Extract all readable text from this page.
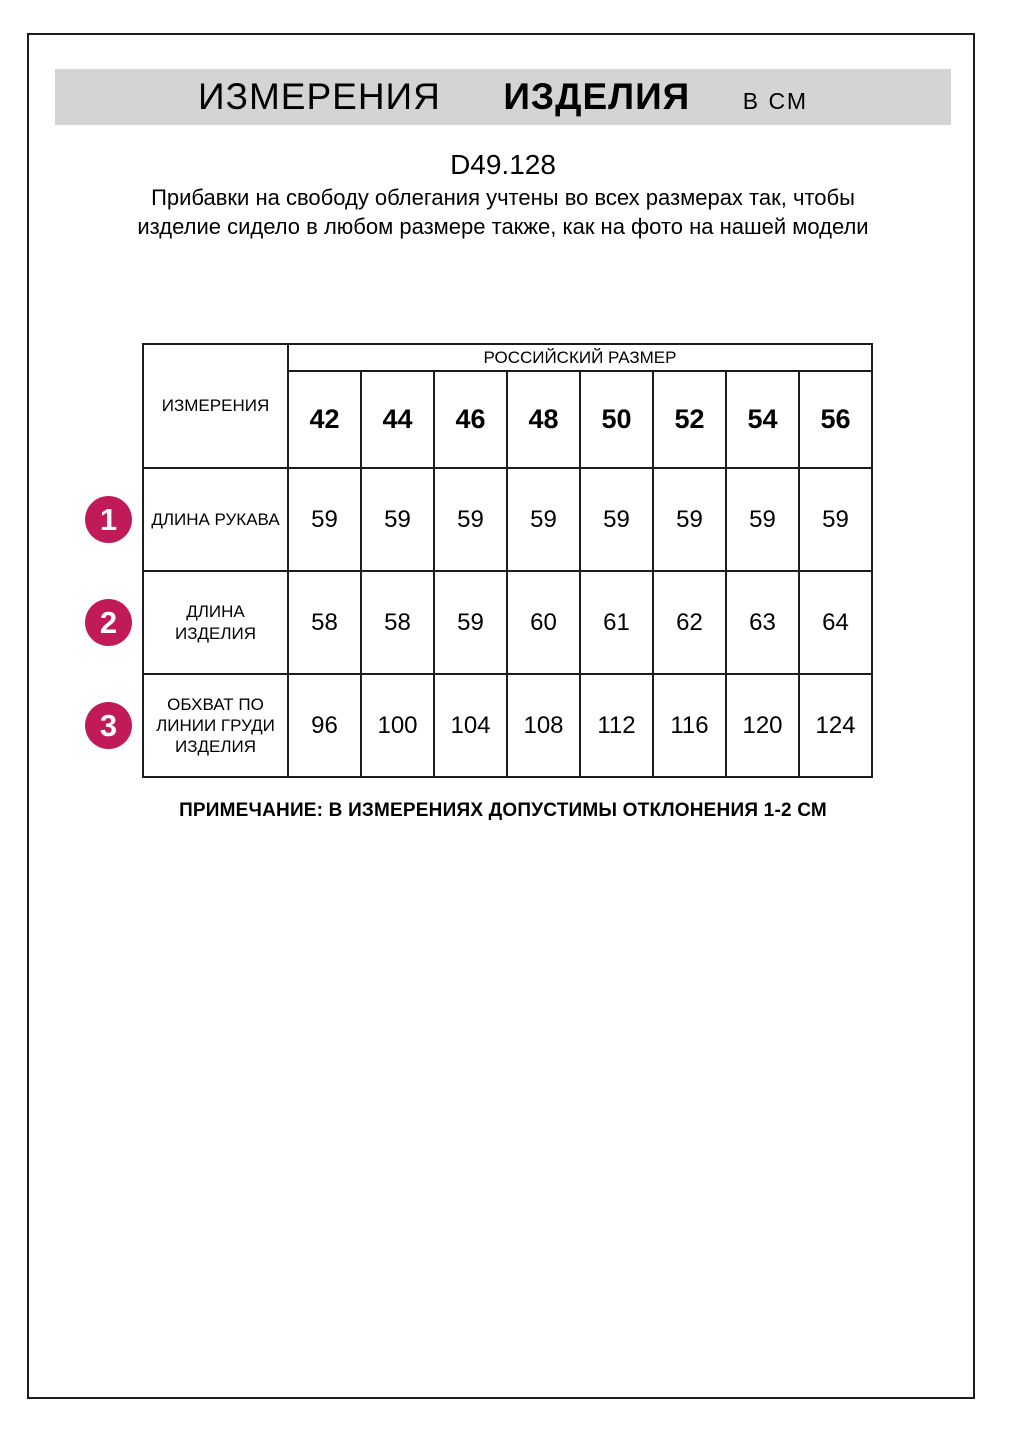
ИЗМЕРЕНИЯ ИЗДЕЛИЯ В СМ
D49.128

Прибавки на свободу облегания учтены во всех размерах так, чтобы изделие сидело в любом размере также, как на фото на нашей модели

1
2
3
ИЗМЕРЕНИЯ	РОССИЙСКИЙ РАЗМЕР							
	42	44	46	48	50	52	54	56
ДЛИНА РУКАВА	59	59	59	59	59	59	59	59
ДЛИНА ИЗДЕЛИЯ	58	58	59	60	61	62	63	64
ОБХВАТ ПО ЛИНИИ ГРУДИ ИЗДЕЛИЯ	96	100	104	108	112	116	120	124
ПРИМЕЧАНИЕ: В ИЗМЕРЕНИЯХ ДОПУСТИМЫ ОТКЛОНЕНИЯ 1-2 СМ
